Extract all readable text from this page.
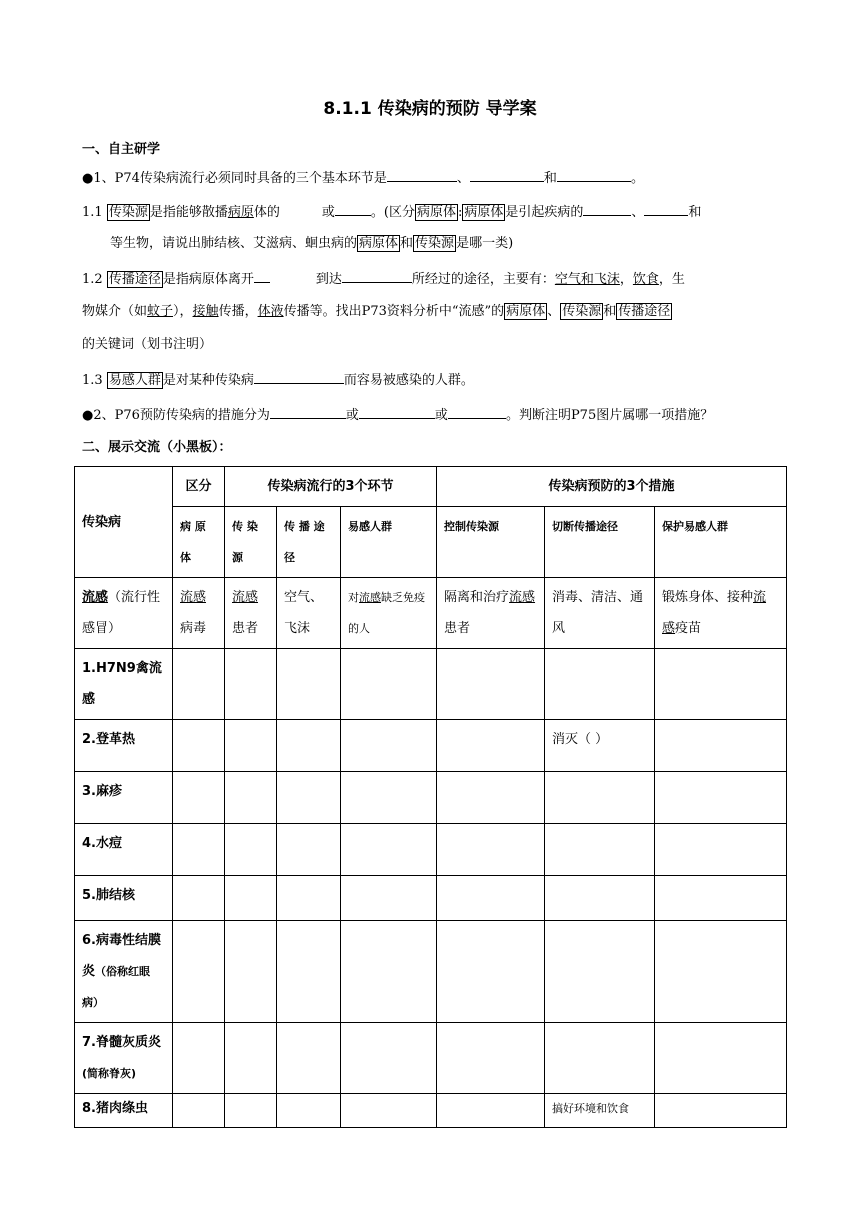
8.1.1 传染病的预防 导学案
一、自主研学
●1、P74传染病流行必须同时具备的三个基本环节是	、	和	。
1.1 传染源 是指能够散播病原体的	或	。(区分 病原体 : 病原体 是引起疾病的	、	和
等生物，请说出肺结核、艾滋病、蛔虫病的 病原体 和 传染源 是哪一类)
1.2 传播途径 是指病原体离开	到达	所经过的途径，主要有：空气和飞沫，饮食，生
物媒介（如蚊子），接触传播，体液传播等。找出P73资料分析中“流感”的 病原体 、 传染源 和 传播途径
的关键词（划书注明）
1.3 易感人群 是对某种传染病	而容易被感染的人群。
●2、P76预防传染病的措施分为	或	或	。判断注明P75图片属哪一项措施？
二、展示交流（小黑板）：
传染病	区分	传染病流行的3个环节			传染病预防的3个措施		
	病 原 体	传 染 源	传 播 途 径	易感人群	控制传染源	切断传播途径	保护易感人群
流感（流行性感冒）	流感病毒	流感患者	空气、飞沫	对流感缺乏免疫的人	隔离和治疗流感患者	消毒、清洁、通风	锻炼身体、接种流感疫苗
1.H7N9禽流感							
2.登革热						消灭（ ）	
3.麻疹							
4.水痘							
5.肺结核							
6.病毒性结膜炎（俗称红眼病）							
7.脊髓灰质炎(简称脊灰)							
8.猪肉绦虫						搞好环境和饮食	
